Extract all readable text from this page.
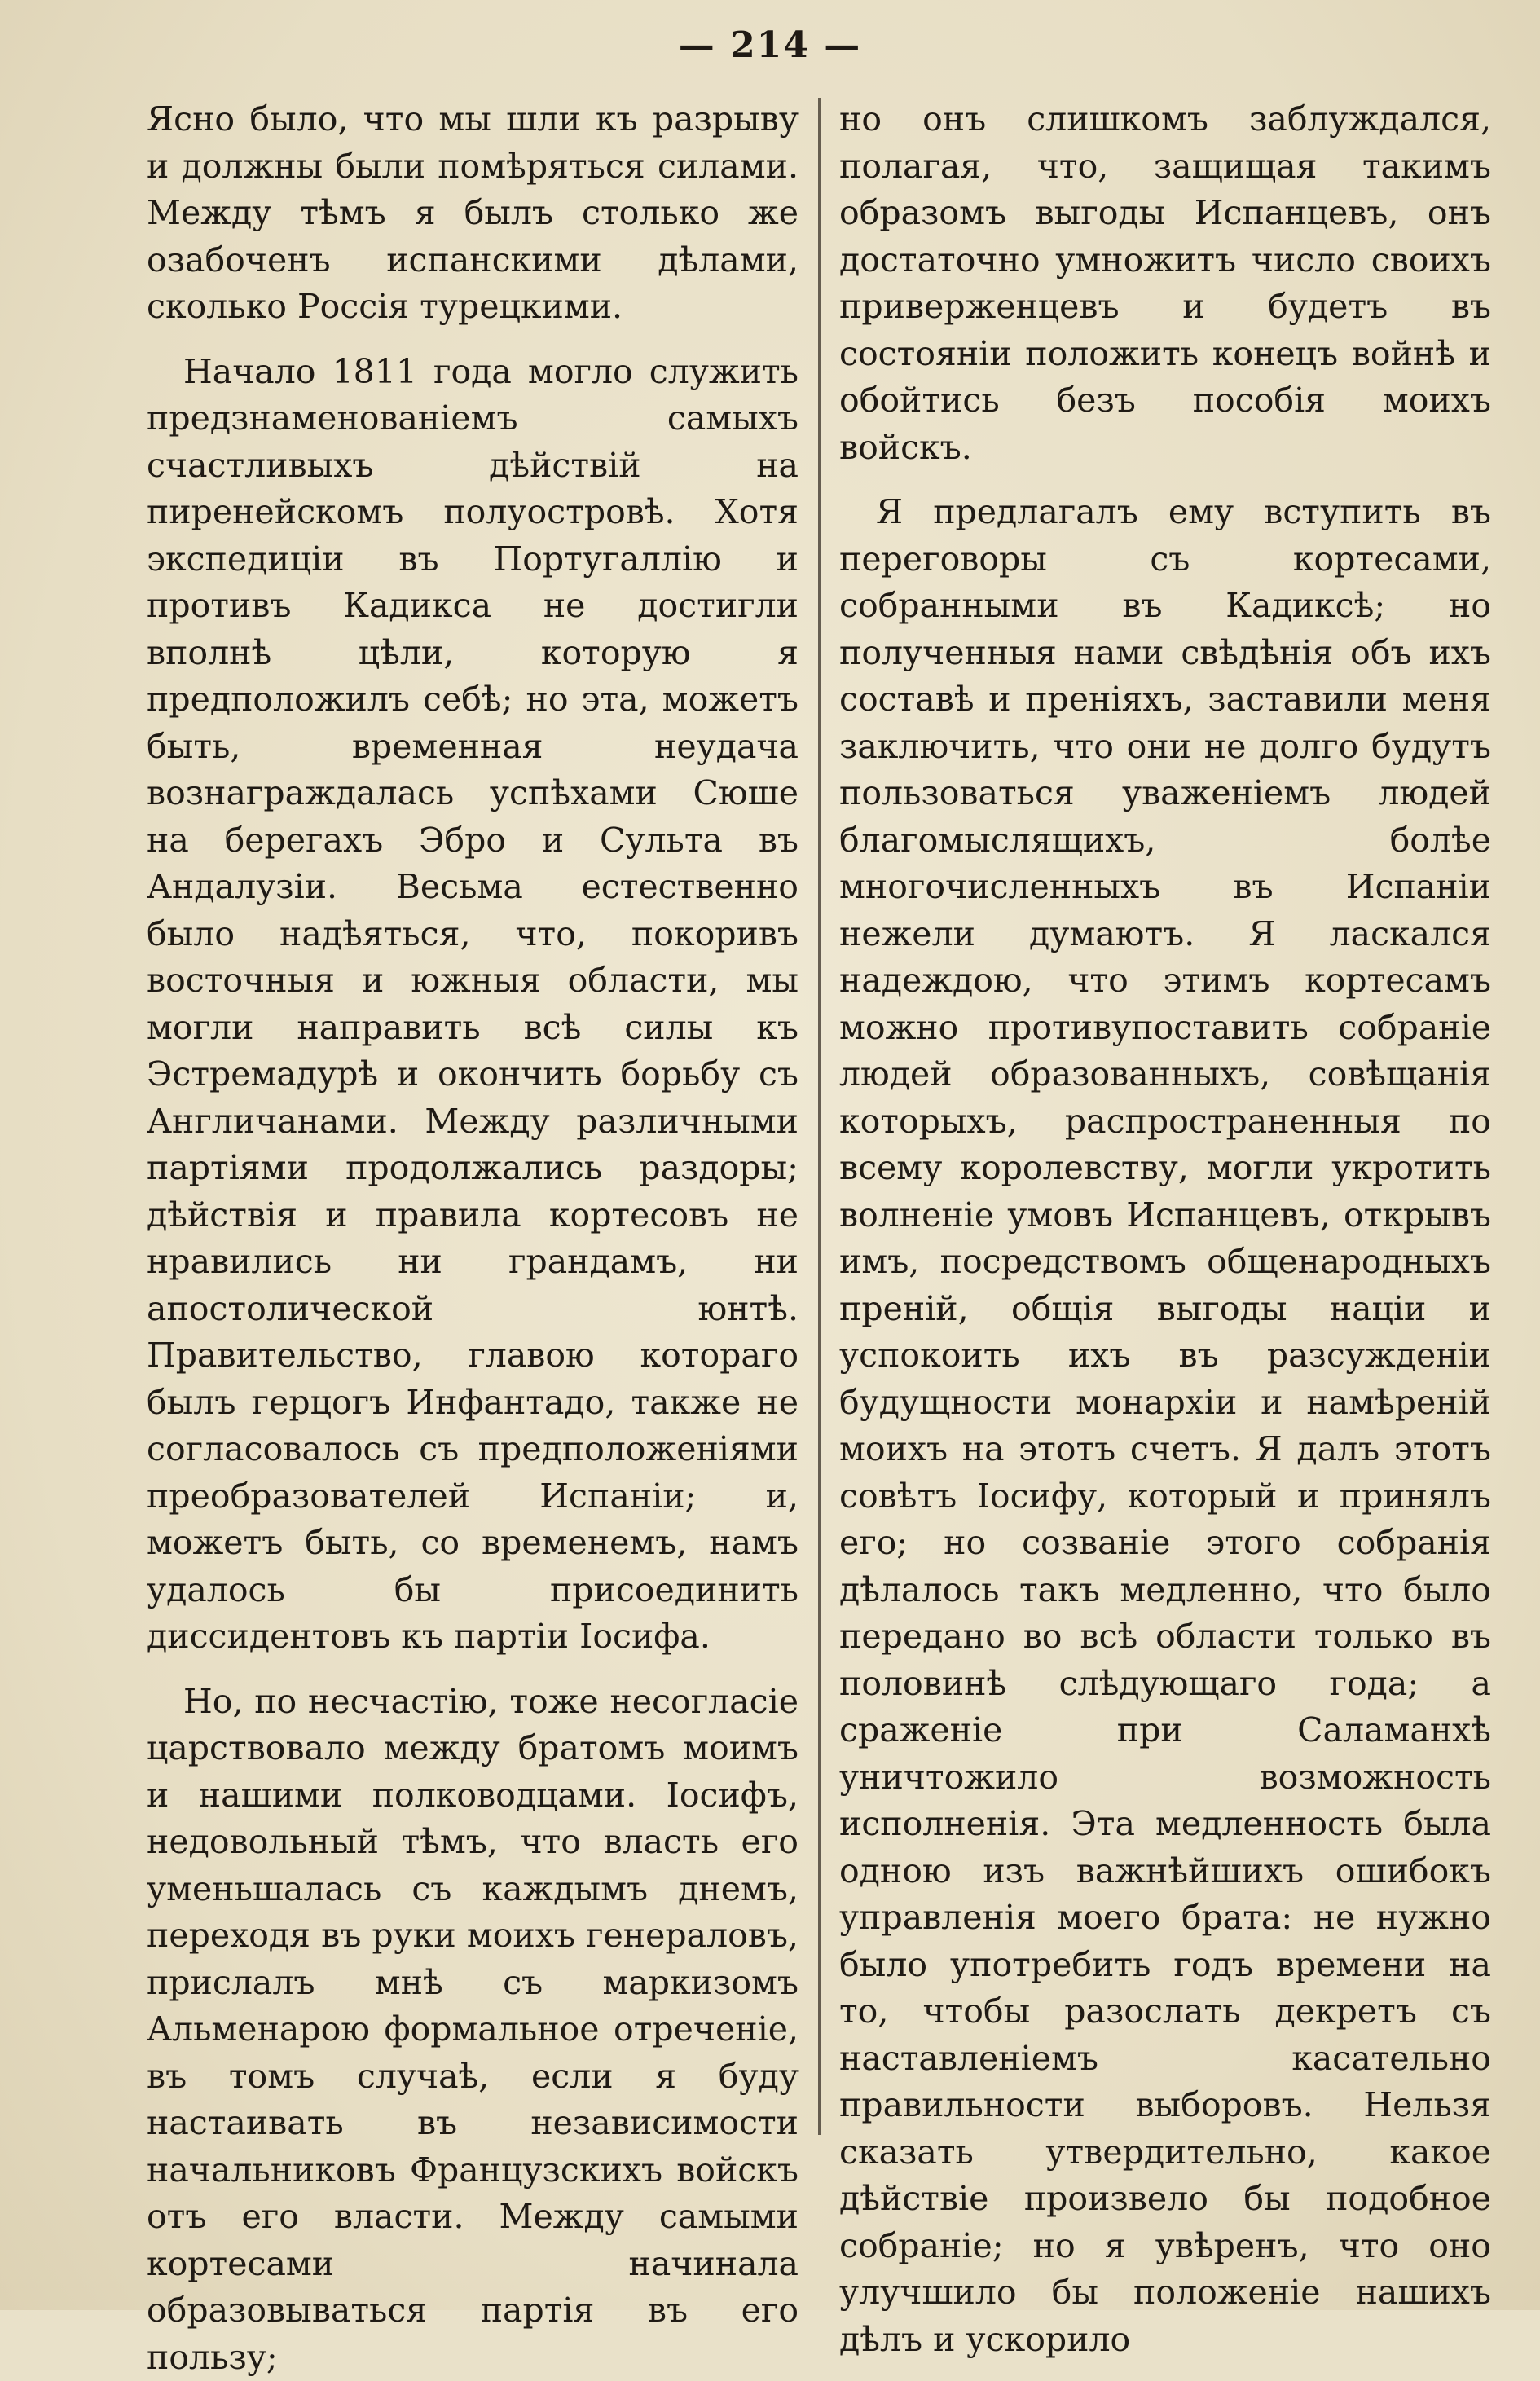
— 214 —

Ясно было, что мы шли къ разрыву и должны были помѣряться силами. Между тѣмъ я былъ столько же озабоченъ испанскими дѣлами, сколько Россія турецкими.

Начало 1811 года могло служить предзнаменованіемъ самыхъ счастливыхъ дѣйствій на пиренейскомъ полуостровѣ. Хотя экспедиціи въ Португаллію и противъ Кадикса не достигли вполнѣ цѣли, которую я предположилъ себѣ; но эта, можетъ быть, временная неудача вознаграждалась успѣхами Сюше на берегахъ Эбро и Сульта въ Андалузіи. Весьма естественно было надѣяться, что, покоривъ восточныя и южныя области, мы могли направить всѣ силы къ Эстремадурѣ и окончить борьбу съ Англичанами. Между различными партіями продолжались раздоры; дѣйствія и правила кортесовъ не нравились ни грандамъ, ни апостолической юнтѣ. Правительство, главою котораго былъ герцогъ Инфантадо, также не согласовалось съ предположеніями преобразователей Испаніи; и, можетъ быть, со временемъ, намъ удалось бы присоединить диссидентовъ къ партіи Іосифа.

Но, по несчастію, тоже несогласіе царствовало между братомъ моимъ и нашими полководцами. Іосифъ, недовольный тѣмъ, что власть его уменьшалась съ каждымъ днемъ, переходя въ руки моихъ генераловъ, прислалъ мнѣ съ маркизомъ Альменарою формальное отреченіе, въ томъ случаѣ, если я буду настаивать въ независимости начальниковъ Французскихъ войскъ отъ его власти. Между самыми кортесами начинала образовываться партія въ его пользу;

но онъ слишкомъ заблуждался, полагая, что, защищая такимъ образомъ выгоды Испанцевъ, онъ достаточно умножитъ число своихъ приверженцевъ и будетъ въ состояніи положить конецъ войнѣ и обойтись безъ пособія моихъ войскъ.

Я предлагалъ ему вступить въ переговоры съ кортесами, собранными въ Кадиксѣ; но полученныя нами свѣдѣнія объ ихъ составѣ и преніяхъ, заставили меня заключить, что они не долго будутъ пользоваться уваженіемъ людей благомыслящихъ, болѣе многочисленныхъ въ Испаніи нежели думаютъ. Я ласкался надеждою, что этимъ кортесамъ можно противупоставить собраніе людей образованныхъ, совѣщанія которыхъ, распространенныя по всему королевству, могли укротить волненіе умовъ Испанцевъ, открывъ имъ, посредствомъ общенародныхъ преній, общія выгоды націи и успокоить ихъ въ разсужденіи будущности монархіи и намѣреній моихъ на этотъ счетъ. Я далъ этотъ совѣтъ Іосифу, который и принялъ его; но созваніе этого собранія дѣлалось такъ медленно, что было передано во всѣ области только въ половинѣ слѣдующаго года; а сраженіе при Саламанхѣ уничтожило возможность исполненія. Эта медленность была одною изъ важнѣйшихъ ошибокъ управленія моего брата: не нужно было употребить годъ времени на то, чтобы разослать декретъ съ наставленіемъ касательно правильности выборовъ. Нельзя сказать утвердительно, какое дѣйствіе произвело бы подобное собраніе; но я увѣренъ, что оно улучшило бы положеніе нашихъ дѣлъ и ускорило
